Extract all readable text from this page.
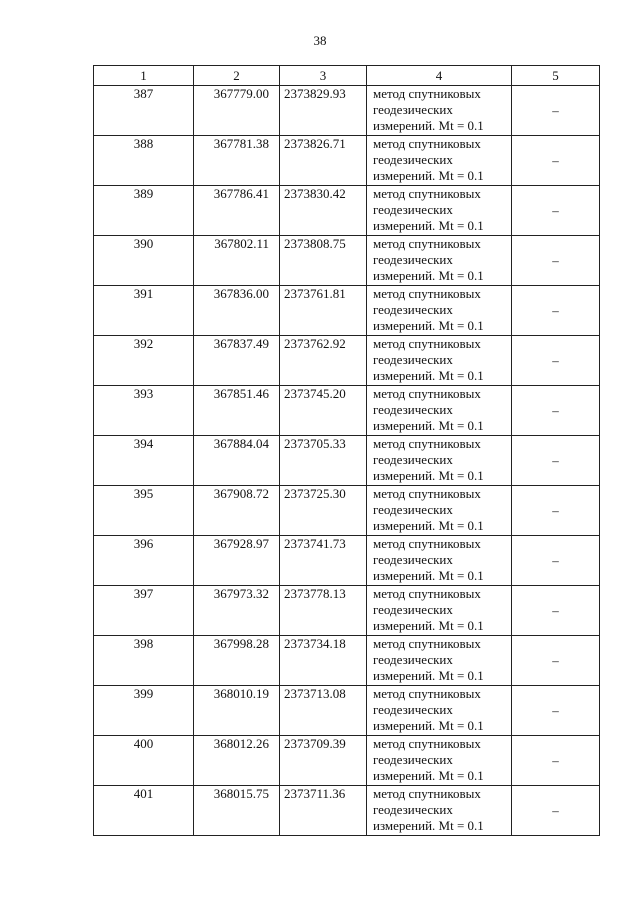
38
1	2	3	4	5
387	367779.00	2373829.93	метод спутниковых
геодезических
измерений. Mt = 0.1	–
388	367781.38	2373826.71	метод спутниковых
геодезических
измерений. Mt = 0.1	–
389	367786.41	2373830.42	метод спутниковых
геодезических
измерений. Mt = 0.1	–
390	367802.11	2373808.75	метод спутниковых
геодезических
измерений. Mt = 0.1	–
391	367836.00	2373761.81	метод спутниковых
геодезических
измерений. Mt = 0.1	–
392	367837.49	2373762.92	метод спутниковых
геодезических
измерений. Mt = 0.1	–
393	367851.46	2373745.20	метод спутниковых
геодезических
измерений. Mt = 0.1	–
394	367884.04	2373705.33	метод спутниковых
геодезических
измерений. Mt = 0.1	–
395	367908.72	2373725.30	метод спутниковых
геодезических
измерений. Mt = 0.1	–
396	367928.97	2373741.73	метод спутниковых
геодезических
измерений. Mt = 0.1	–
397	367973.32	2373778.13	метод спутниковых
геодезических
измерений. Mt = 0.1	–
398	367998.28	2373734.18	метод спутниковых
геодезических
измерений. Mt = 0.1	–
399	368010.19	2373713.08	метод спутниковых
геодезических
измерений. Mt = 0.1	–
400	368012.26	2373709.39	метод спутниковых
геодезических
измерений. Mt = 0.1	–
401	368015.75	2373711.36	метод спутниковых
геодезических
измерений. Mt = 0.1	–
